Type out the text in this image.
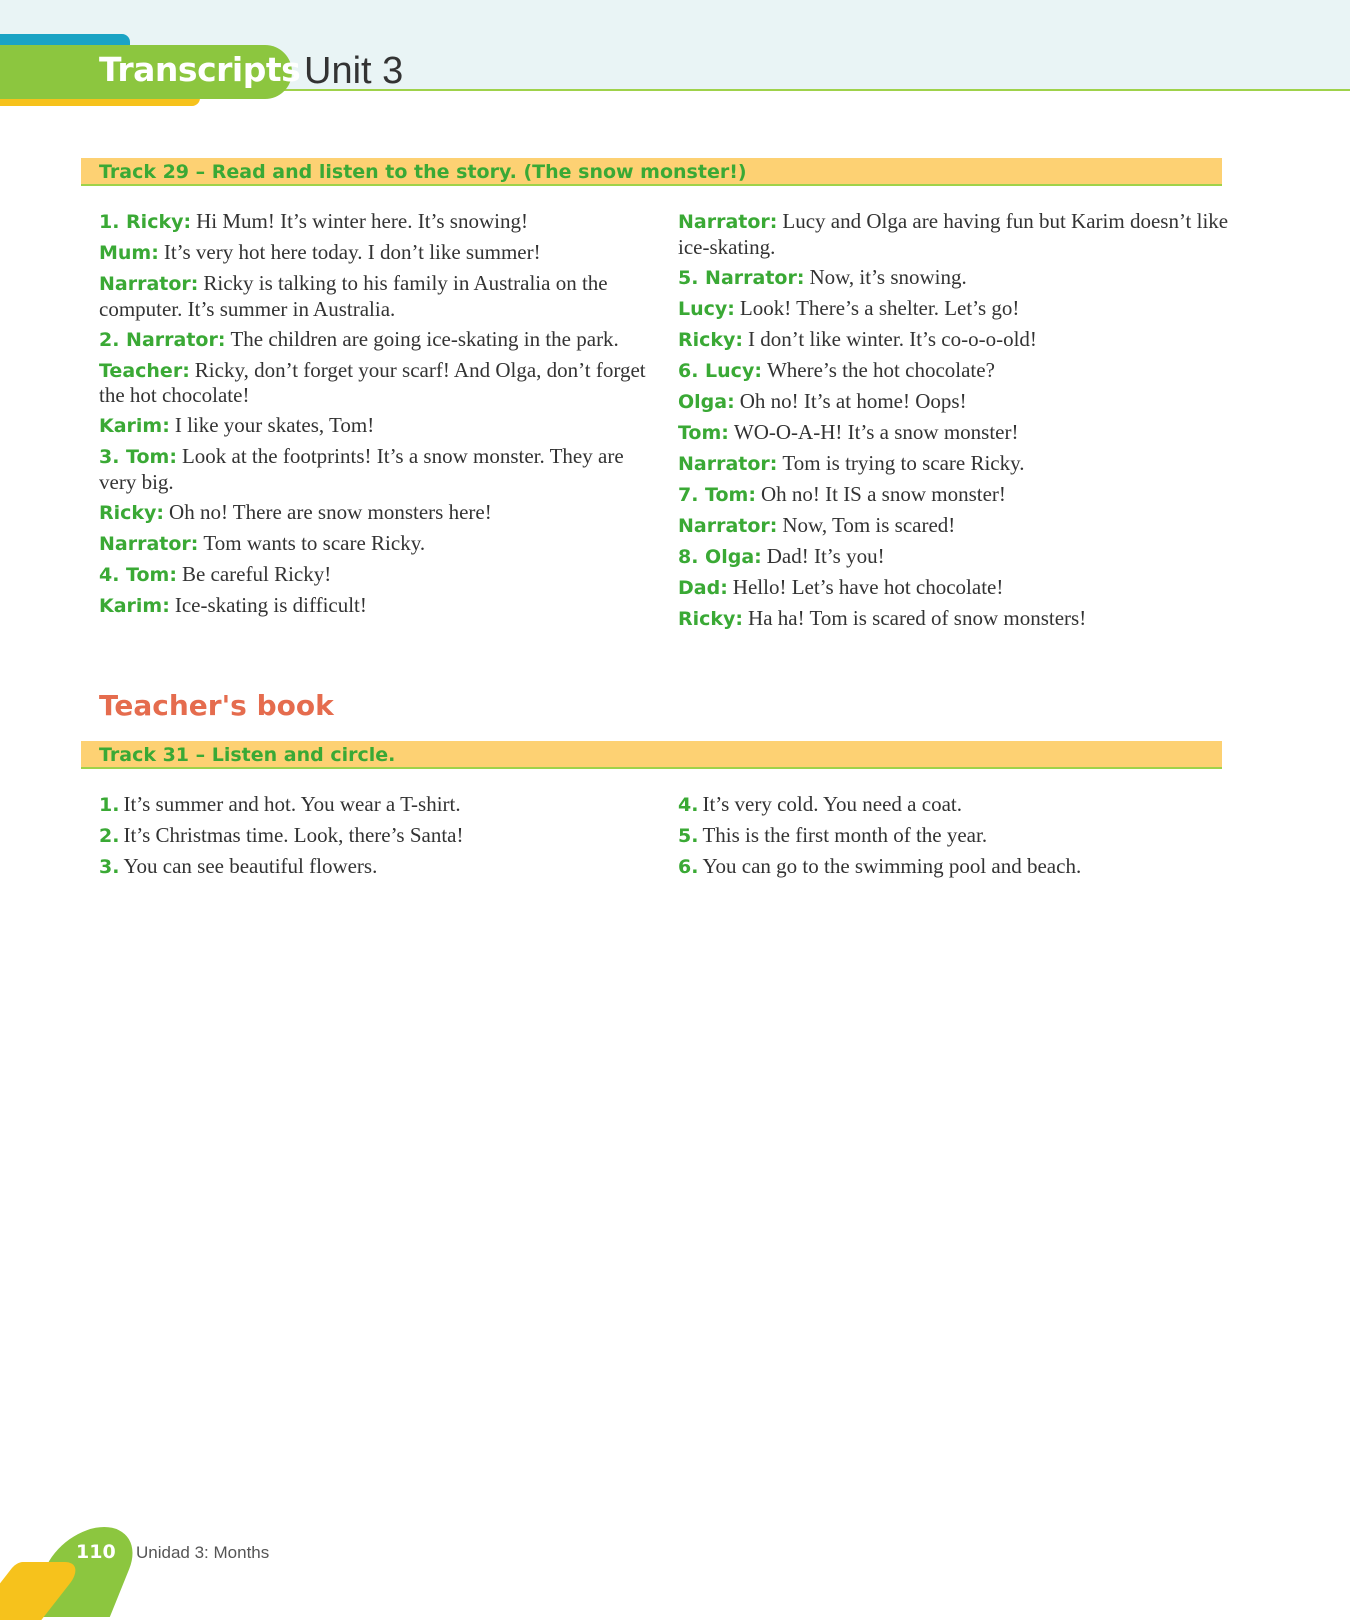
Transcripts Unit 3
Track 29 – Read and listen to the story. (The snow monster!)
1. Ricky: Hi Mum! It’s winter here. It’s snowing!
Mum: It’s very hot here today. I don’t like summer!
Narrator: Ricky is talking to his family in Australia on the computer. It’s summer in Australia.
2. Narrator: The children are going ice-skating in the park.
Teacher: Ricky, don’t forget your scarf! And Olga, don’t forget the hot chocolate!
Karim: I like your skates, Tom!
3. Tom: Look at the footprints! It’s a snow monster. They are very big.
Ricky: Oh no! There are snow monsters here!
Narrator: Tom wants to scare Ricky.
4. Tom: Be careful Ricky!
Karim: Ice-skating is difficult!
Narrator: Lucy and Olga are having fun but Karim doesn’t like ice-skating.
5. Narrator: Now, it’s snowing.
Lucy: Look! There’s a shelter. Let’s go!
Ricky: I don’t like winter. It’s co-o-o-old!
6. Lucy: Where’s the hot chocolate?
Olga: Oh no! It’s at home! Oops!
Tom: WO-O-A-H! It’s a snow monster!
Narrator: Tom is trying to scare Ricky.
7. Tom: Oh no! It IS a snow monster!
Narrator: Now, Tom is scared!
8. Olga: Dad! It’s you!
Dad: Hello! Let’s have hot chocolate!
Ricky: Ha ha! Tom is scared of snow monsters!
Teacher's book
Track 31 – Listen and circle.
1. It’s summer and hot. You wear a T-shirt.
2. It’s Christmas time. Look, there’s Santa!
3. You can see beautiful flowers.
4. It’s very cold. You need a coat.
5. This is the first month of the year.
6. You can go to the swimming pool and beach.
110 Unidad 3: Months
